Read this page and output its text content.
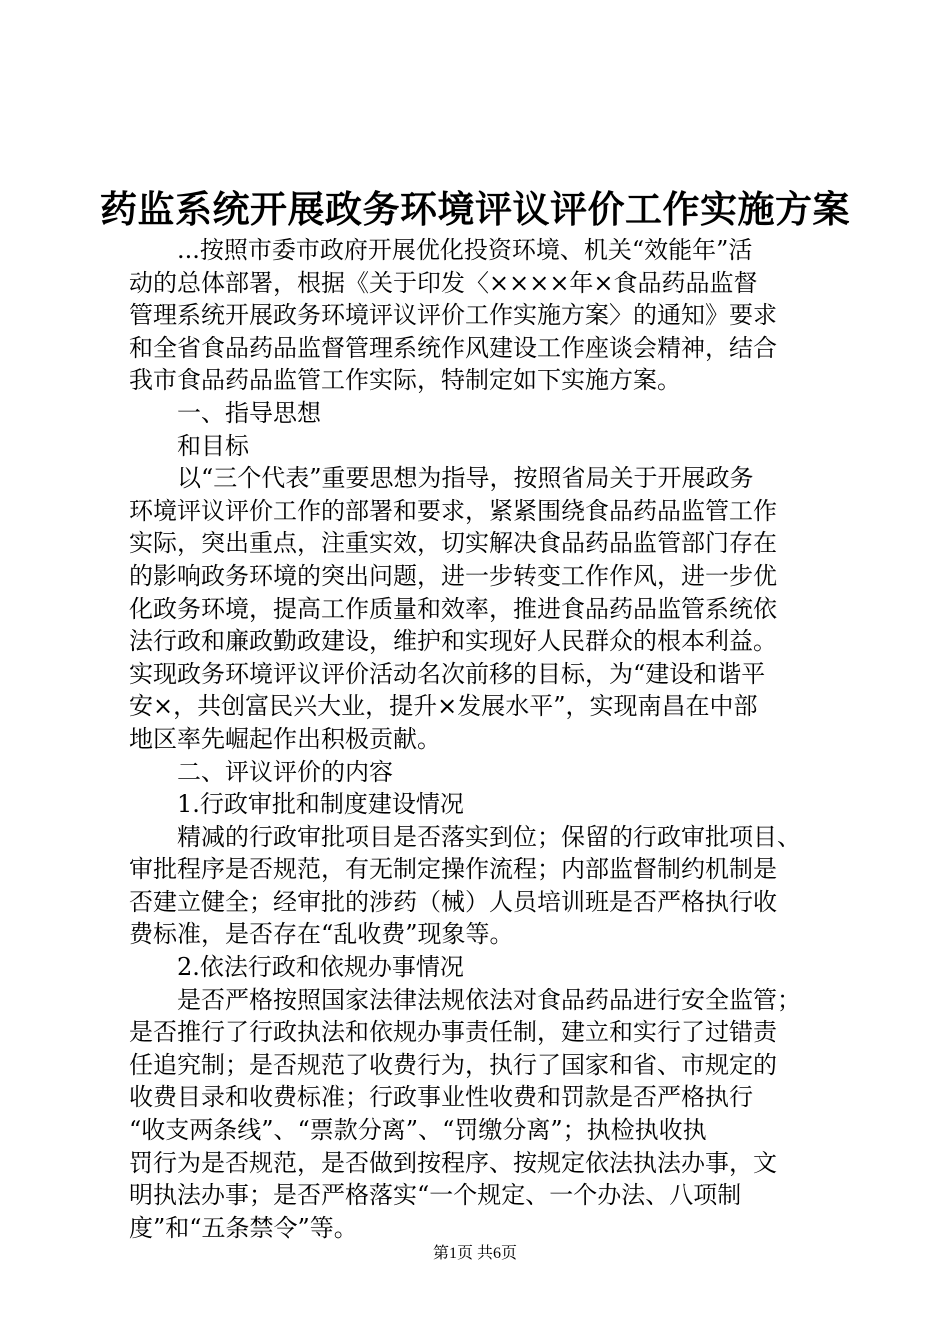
药监系统开展政务环境评议评价工作实施方案
　　...按照市委市政府开展优化投资环境、机关“效能年”活
动的总体部署，根据《关于印发〈××××年×食品药品监督
管理系统开展政务环境评议评价工作实施方案〉的通知》要求
和全省食品药品监督管理系统作风建设工作座谈会精神，结合
我市食品药品监管工作实际，特制定如下实施方案。
　　一、指导思想
　　和目标
　　以“三个代表”重要思想为指导，按照省局关于开展政务
环境评议评价工作的部署和要求，紧紧围绕食品药品监管工作
实际，突出重点，注重实效，切实解决食品药品监管部门存在
的影响政务环境的突出问题，进一步转变工作作风，进一步优
化政务环境，提高工作质量和效率，推进食品药品监管系统依
法行政和廉政勤政建设，维护和实现好人民群众的根本利益。
实现政务环境评议评价活动名次前移的目标，为“建设和谐平
安×，共创富民兴大业，提升×发展水平”，实现南昌在中部
地区率先崛起作出积极贡献。
　　二、评议评价的内容
　　1.行政审批和制度建设情况
　　精减的行政审批项目是否落实到位；保留的行政审批项目、
审批程序是否规范，有无制定操作流程；内部监督制约机制是
否建立健全；经审批的涉药（械）人员培训班是否严格执行收
费标准，是否存在“乱收费”现象等。
　　2.依法行政和依规办事情况
　　是否严格按照国家法律法规依法对食品药品进行安全监管；
是否推行了行政执法和依规办事责任制，建立和实行了过错责
任追究制；是否规范了收费行为，执行了国家和省、市规定的
收费目录和收费标准；行政事业性收费和罚款是否严格执行
“收支两条线”、“票款分离”、“罚缴分离”；执检执收执
罚行为是否规范，是否做到按程序、按规定依法执法办事，文
明执法办事；是否严格落实“一个规定、一个办法、八项制
度”和“五条禁令”等。
第1页 共6页
